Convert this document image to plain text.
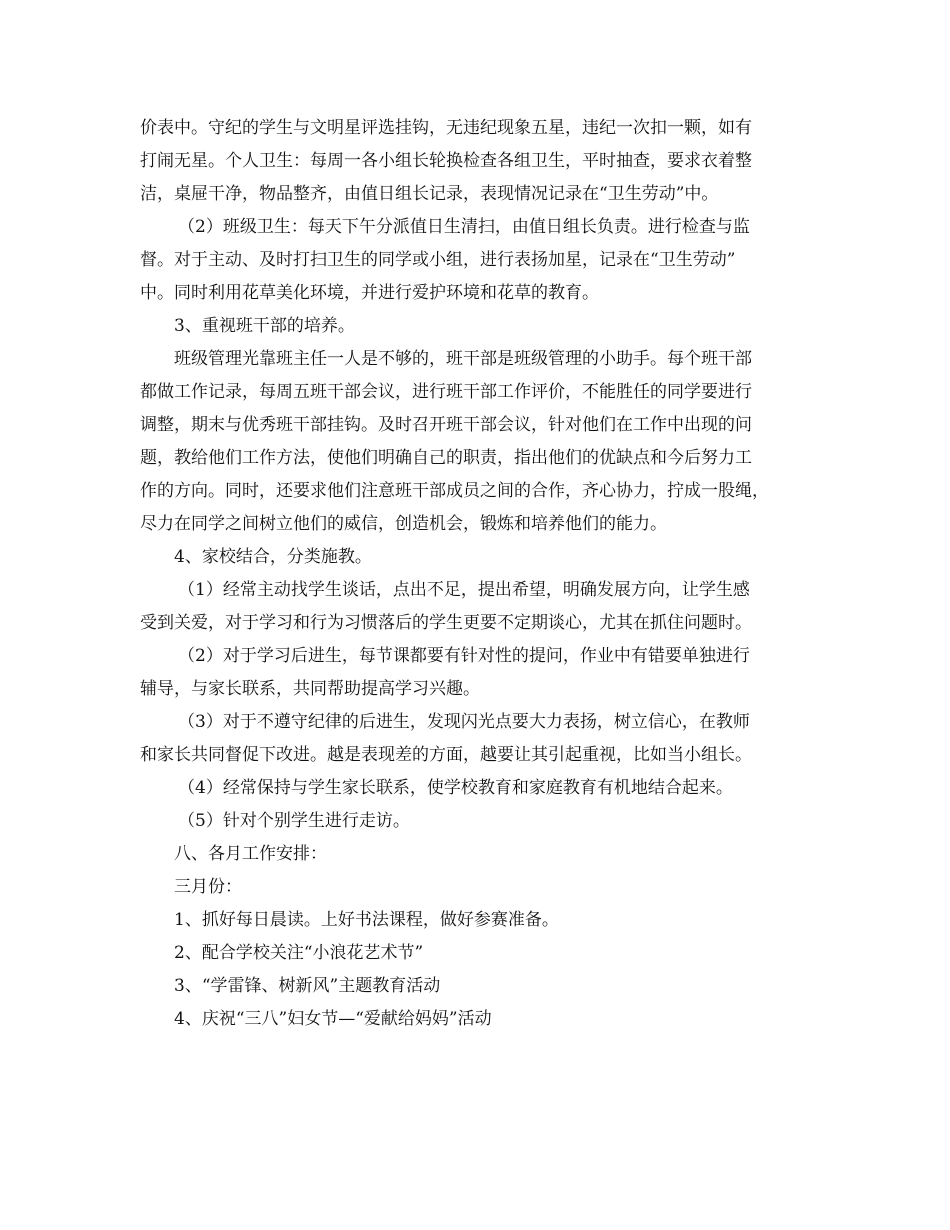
价表中。守纪的学生与文明星评选挂钩，无违纪现象五星，违纪一次扣一颗，如有
打闹无星。个人卫生：每周一各小组长轮换检查各组卫生，平时抽查，要求衣着整
洁，桌屉干净，物品整齐，由值日组长记录，表现情况记录在“卫生劳动”中。
（2）班级卫生：每天下午分派值日生清扫，由值日组长负责。进行检查与监
督。对于主动、及时打扫卫生的同学或小组，进行表扬加星，记录在“卫生劳动”
中。同时利用花草美化环境，并进行爱护环境和花草的教育。
3、重视班干部的培养。
班级管理光靠班主任一人是不够的，班干部是班级管理的小助手。每个班干部
都做工作记录，每周五班干部会议，进行班干部工作评价，不能胜任的同学要进行
调整，期末与优秀班干部挂钩。及时召开班干部会议，针对他们在工作中出现的问
题，教给他们工作方法，使他们明确自己的职责，指出他们的优缺点和今后努力工
作的方向。同时，还要求他们注意班干部成员之间的合作，齐心协力，拧成一股绳，
尽力在同学之间树立他们的威信，创造机会，锻炼和培养他们的能力。
4、家校结合，分类施教。
（1）经常主动找学生谈话，点出不足，提出希望，明确发展方向，让学生感
受到关爱，对于学习和行为习惯落后的学生更要不定期谈心，尤其在抓住问题时。
（2）对于学习后进生，每节课都要有针对性的提问，作业中有错要单独进行
辅导，与家长联系，共同帮助提高学习兴趣。
（3）对于不遵守纪律的后进生，发现闪光点要大力表扬，树立信心，在教师
和家长共同督促下改进。越是表现差的方面，越要让其引起重视，比如当小组长。
（4）经常保持与学生家长联系，使学校教育和家庭教育有机地结合起来。
（5）针对个别学生进行走访。
八、各月工作安排：
三月份：
1、抓好每日晨读。上好书法课程，做好参赛准备。
2、配合学校关注“小浪花艺术节”
3、“学雷锋、树新风”主题教育活动
4、庆祝“三八”妇女节—“爱献给妈妈”活动
